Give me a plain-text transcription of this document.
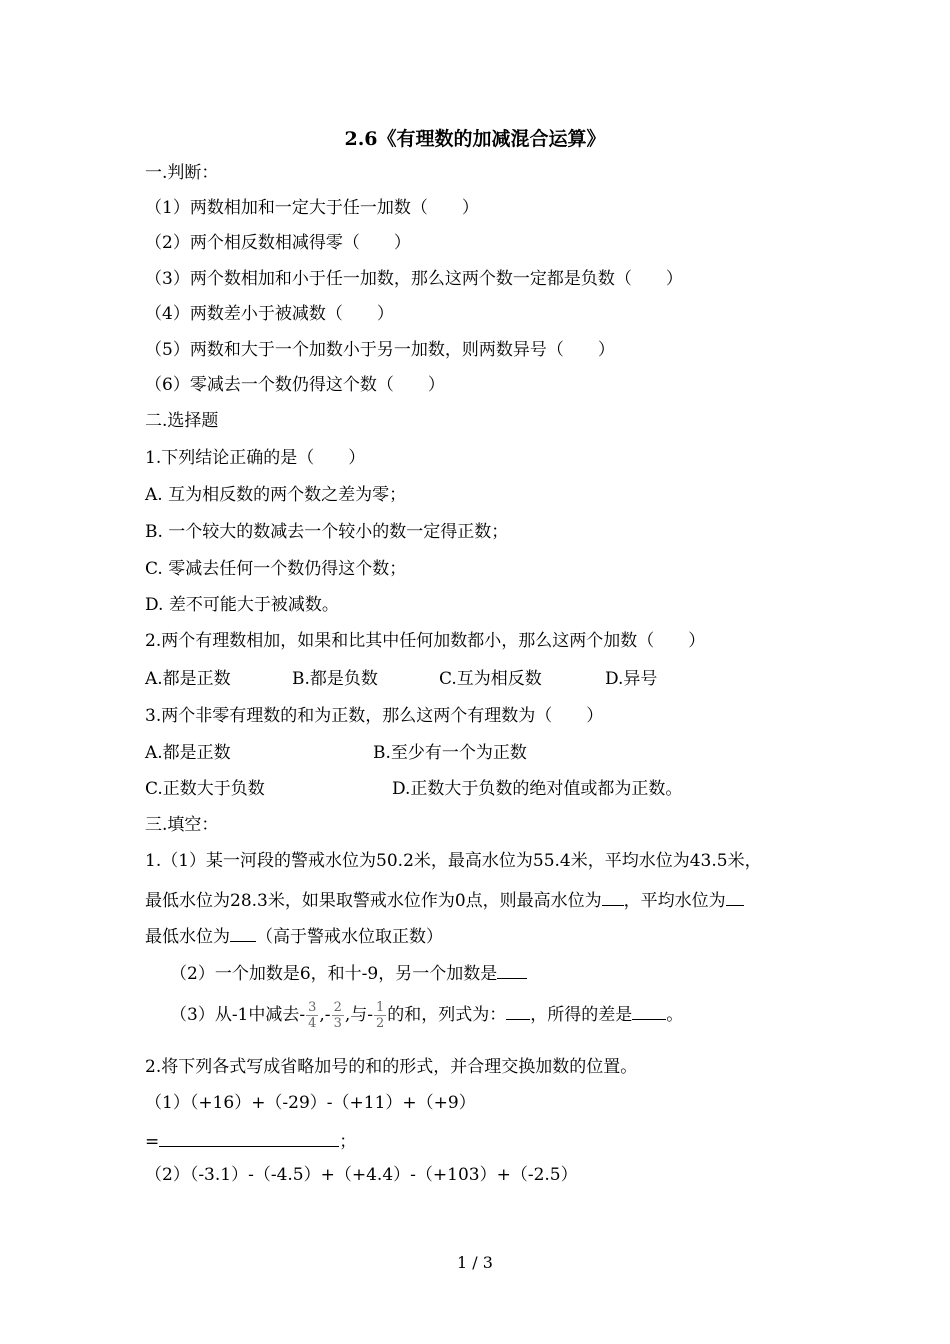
2.6《有理数的加减混合运算》
一.判断：
（1）两数相加和一定大于任一加数（　　）
（2）两个相反数相减得零（　　）
（3）两个数相加和小于任一加数，那么这两个数一定都是负数（　　）
（4）两数差小于被减数（　　）
（5）两数和大于一个加数小于另一加数，则两数异号（　　）
（6）零减去一个数仍得这个数（　　）
二.选择题
1.下列结论正确的是（　　）
A. 互为相反数的两个数之差为零；
B. 一个较大的数减去一个较小的数一定得正数；
C. 零减去任何一个数仍得这个数；
D. 差不可能大于被减数。
2.两个有理数相加，如果和比其中任何加数都小，那么这两个加数（　　）
A.都是正数	B.都是负数	C.互为相反数	D.异号
3.两个非零有理数的和为正数，那么这两个有理数为（　　）
A.都是正数	B.至少有一个为正数
C.正数大于负数	D.正数大于负数的绝对值或都为正数。
三.填空：
1.（1）某一河段的警戒水位为50.2米，最高水位为55.4米，平均水位为43.5米，
最低水位为28.3米，如果取警戒水位作为0点，则最高水位为 ，平均水位为
最低水位为 （高于警戒水位取正数）
（2）一个加数是6，和十-9，另一个加数是
（3）从-1中减去- $\frac{3}{4}$ ,- $\frac{2}{3}$ ,与- $\frac{1}{2}$ 的和，列式为： ，所得的差是 。
2.将下列各式写成省略加号的和的形式，并合理交换加数的位置。
（1）（+16）+（-29）-（+11）+（+9）
=	；
（2）（-3.1）-（-4.5）+（+4.4）-（+103）+（-2.5）
1 / 3
